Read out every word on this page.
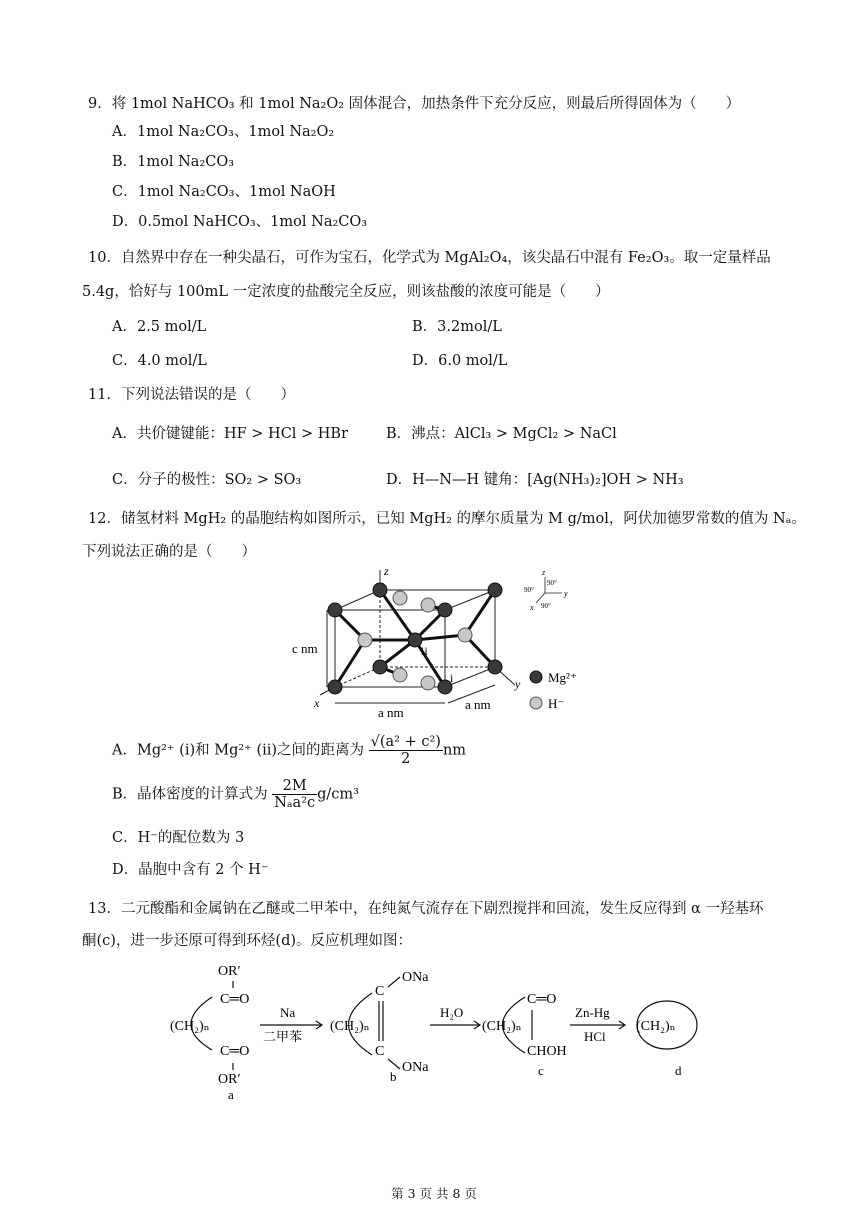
9．将 1mol NaHCO₃ 和 1mol Na₂O₂ 固体混合，加热条件下充分反应，则最后所得固体为（　　）
A．1mol Na₂CO₃、1mol Na₂O₂
B．1mol Na₂CO₃
C．1mol Na₂CO₃、1mol NaOH
D．0.5mol NaHCO₃、1mol Na₂CO₃
10．自然界中存在一种尖晶石，可作为宝石，化学式为 MgAl₂O₄，该尖晶石中混有 Fe₂O₃。取一定量样品
5.4g，恰好与 100mL 一定浓度的盐酸完全反应，则该盐酸的浓度可能是（　　）
A．2.5 mol/L	B．3.2mol/L
C．4.0 mol/L	D．6.0 mol/L
11．下列说法错误的是（　　）
A．共价键键能：HF > HCl > HBr	B．沸点：AlCl₃ > MgCl₂ > NaCl
C．分子的极性：SO₂ > SO₃	D．H—N—H 键角：[Ag(NH₃)₂]OH > NH₃
12．储氢材料 MgH₂ 的晶胞结构如图所示，已知 MgH₂ 的摩尔质量为 M g/mol，阿伏加德罗常数的值为 Nₐ。
下列说法正确的是（　　）
c nm
a nm
a nm
z
x
y
ii
i
z
y
x
90°
90°
90°
Mg²⁺
H⁻
A．Mg²⁺ (i)和 Mg²⁺ (ii)之间的距离为 $\frac{\text{√(a² + c²)}}{2}$ nm
B．晶体密度的计算式为 $\frac{2M}{\text{Nₐa²c}} g/cm^3$
C．H⁻的配位数为 3
D．晶胞中含有 2 个 H⁻
13．二元酸酯和金属钠在乙醚或二甲苯中，在纯氮气流存在下剧烈搅拌和回流，发生反应得到 α 一羟基环
酮(c)，进一步还原可得到环烃(d)。反应机理如图：
OR′
C═O
(CH₂)ₙ
C═O
OR′
a
Na
二甲苯
C
ONa
(CH₂)ₙ
C
ONa
b
H₂O
C═O
(CH₂)ₙ
CHOH
c
Zn-Hg
HCl
(CH₂)ₙ
d
第 3 页 共 8 页
